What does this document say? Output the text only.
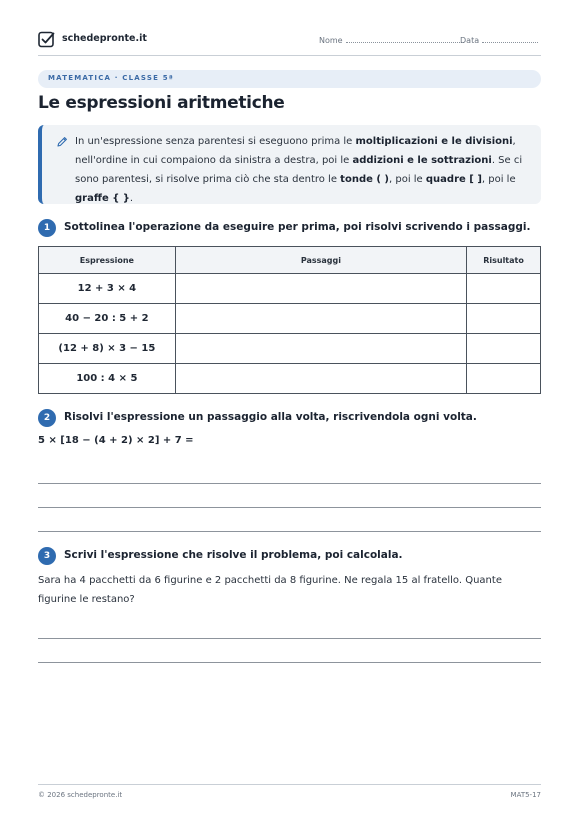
schedepronte.it	Nome	Data
MATEMATICA · CLASSE 5ª
Le espressioni aritmetiche

In un'espressione senza parentesi si eseguono prima le moltiplicazioni e le divisioni, nell'ordine in cui compaiono da sinistra a destra, poi le addizioni e le sottrazioni. Se ci sono parentesi, si risolve prima ciò che sta dentro le tonde ( ), poi le quadre [ ], poi le graffe { }.

1	Sottolinea l'operazione da eseguire per prima, poi risolvi scrivendo i passaggi.
Espressione	Passaggi	Risultato
12 + 3 × 4		
40 − 20 : 5 + 2		
(12 + 8) × 3 − 15		
100 : 4 × 5		
2	Risolvi l'espressione un passaggio alla volta, riscrivendola ogni volta.
5 × [18 − (4 + 2) × 2] + 7 =
3	Scrivi l'espressione che risolve il problema, poi calcolala.

Sara ha 4 pacchetti da 6 figurine e 2 pacchetti da 8 figurine. Ne regala 15 al fratello. Quante figurine le restano?

© 2026 schedepronte.it	MAT5-17
